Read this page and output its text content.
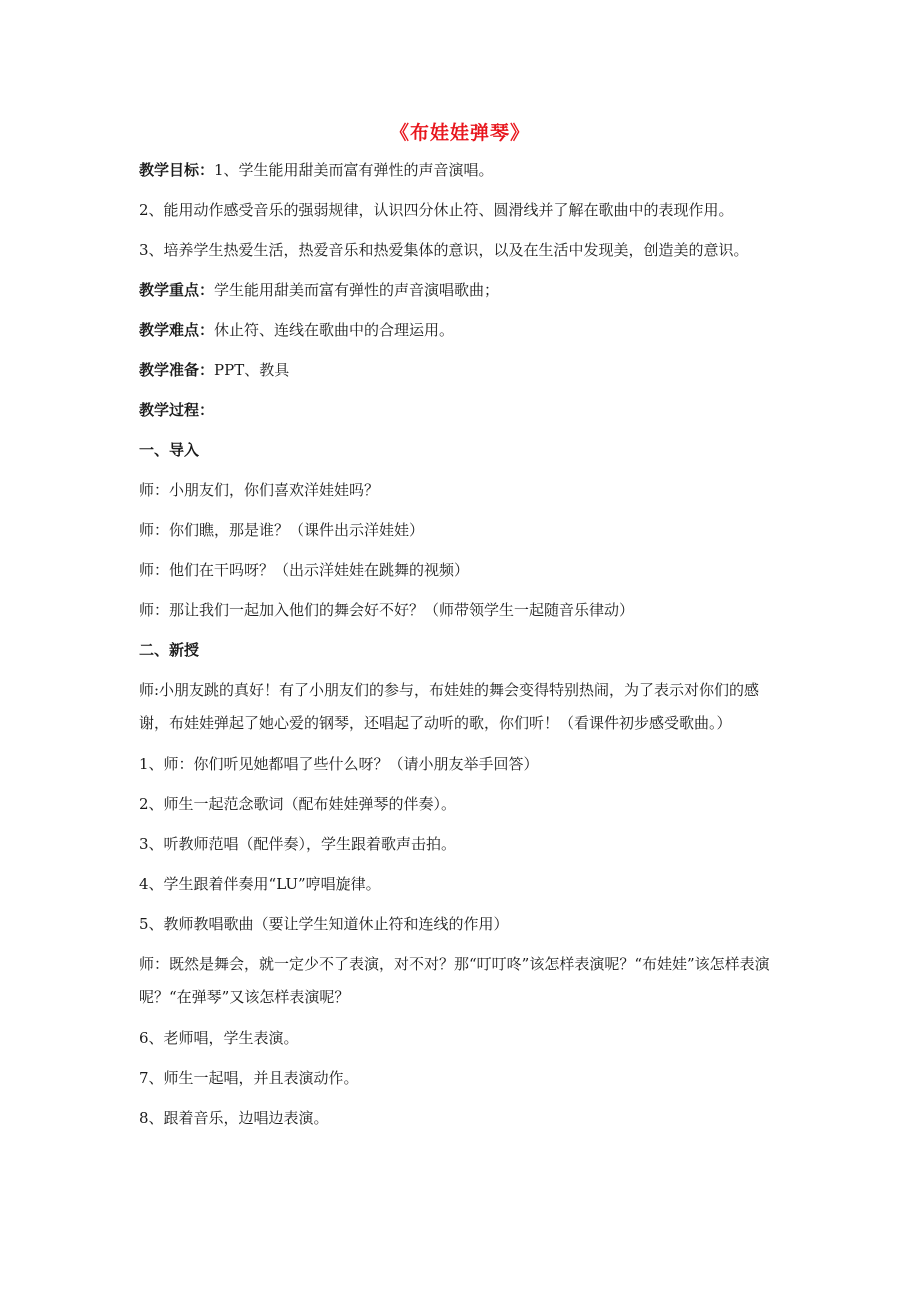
《布娃娃弹琴》

教学目标：1、学生能用甜美而富有弹性的声音演唱。

2、能用动作感受音乐的强弱规律，认识四分休止符、圆滑线并了解在歌曲中的表现作用。

3、培养学生热爱生活，热爱音乐和热爱集体的意识，以及在生活中发现美，创造美的意识。

教学重点：学生能用甜美而富有弹性的声音演唱歌曲；

教学难点：休止符、连线在歌曲中的合理运用。

教学准备：PPT、教具

教学过程：

一、导入

师：小朋友们，你们喜欢洋娃娃吗？

师：你们瞧，那是谁？（课件出示洋娃娃）

师：他们在干吗呀？（出示洋娃娃在跳舞的视频）

师：那让我们一起加入他们的舞会好不好？（师带领学生一起随音乐律动）

二、新授

师:小朋友跳的真好！有了小朋友们的参与，布娃娃的舞会变得特别热闹，为了表示对你们的感谢，布娃娃弹起了她心爱的钢琴，还唱起了动听的歌，你们听！（看课件初步感受歌曲。）

1、师：你们听见她都唱了些什么呀？（请小朋友举手回答）

2、师生一起范念歌词（配布娃娃弹琴的伴奏）。

3、听教师范唱（配伴奏），学生跟着歌声击拍。

4、学生跟着伴奏用“LU”哼唱旋律。

5、教师教唱歌曲（要让学生知道休止符和连线的作用）

师：既然是舞会，就一定少不了表演，对不对？那“叮叮咚”该怎样表演呢？“布娃娃”该怎样表演呢？“在弹琴”又该怎样表演呢？

6、老师唱，学生表演。

7、师生一起唱，并且表演动作。

8、跟着音乐，边唱边表演。
